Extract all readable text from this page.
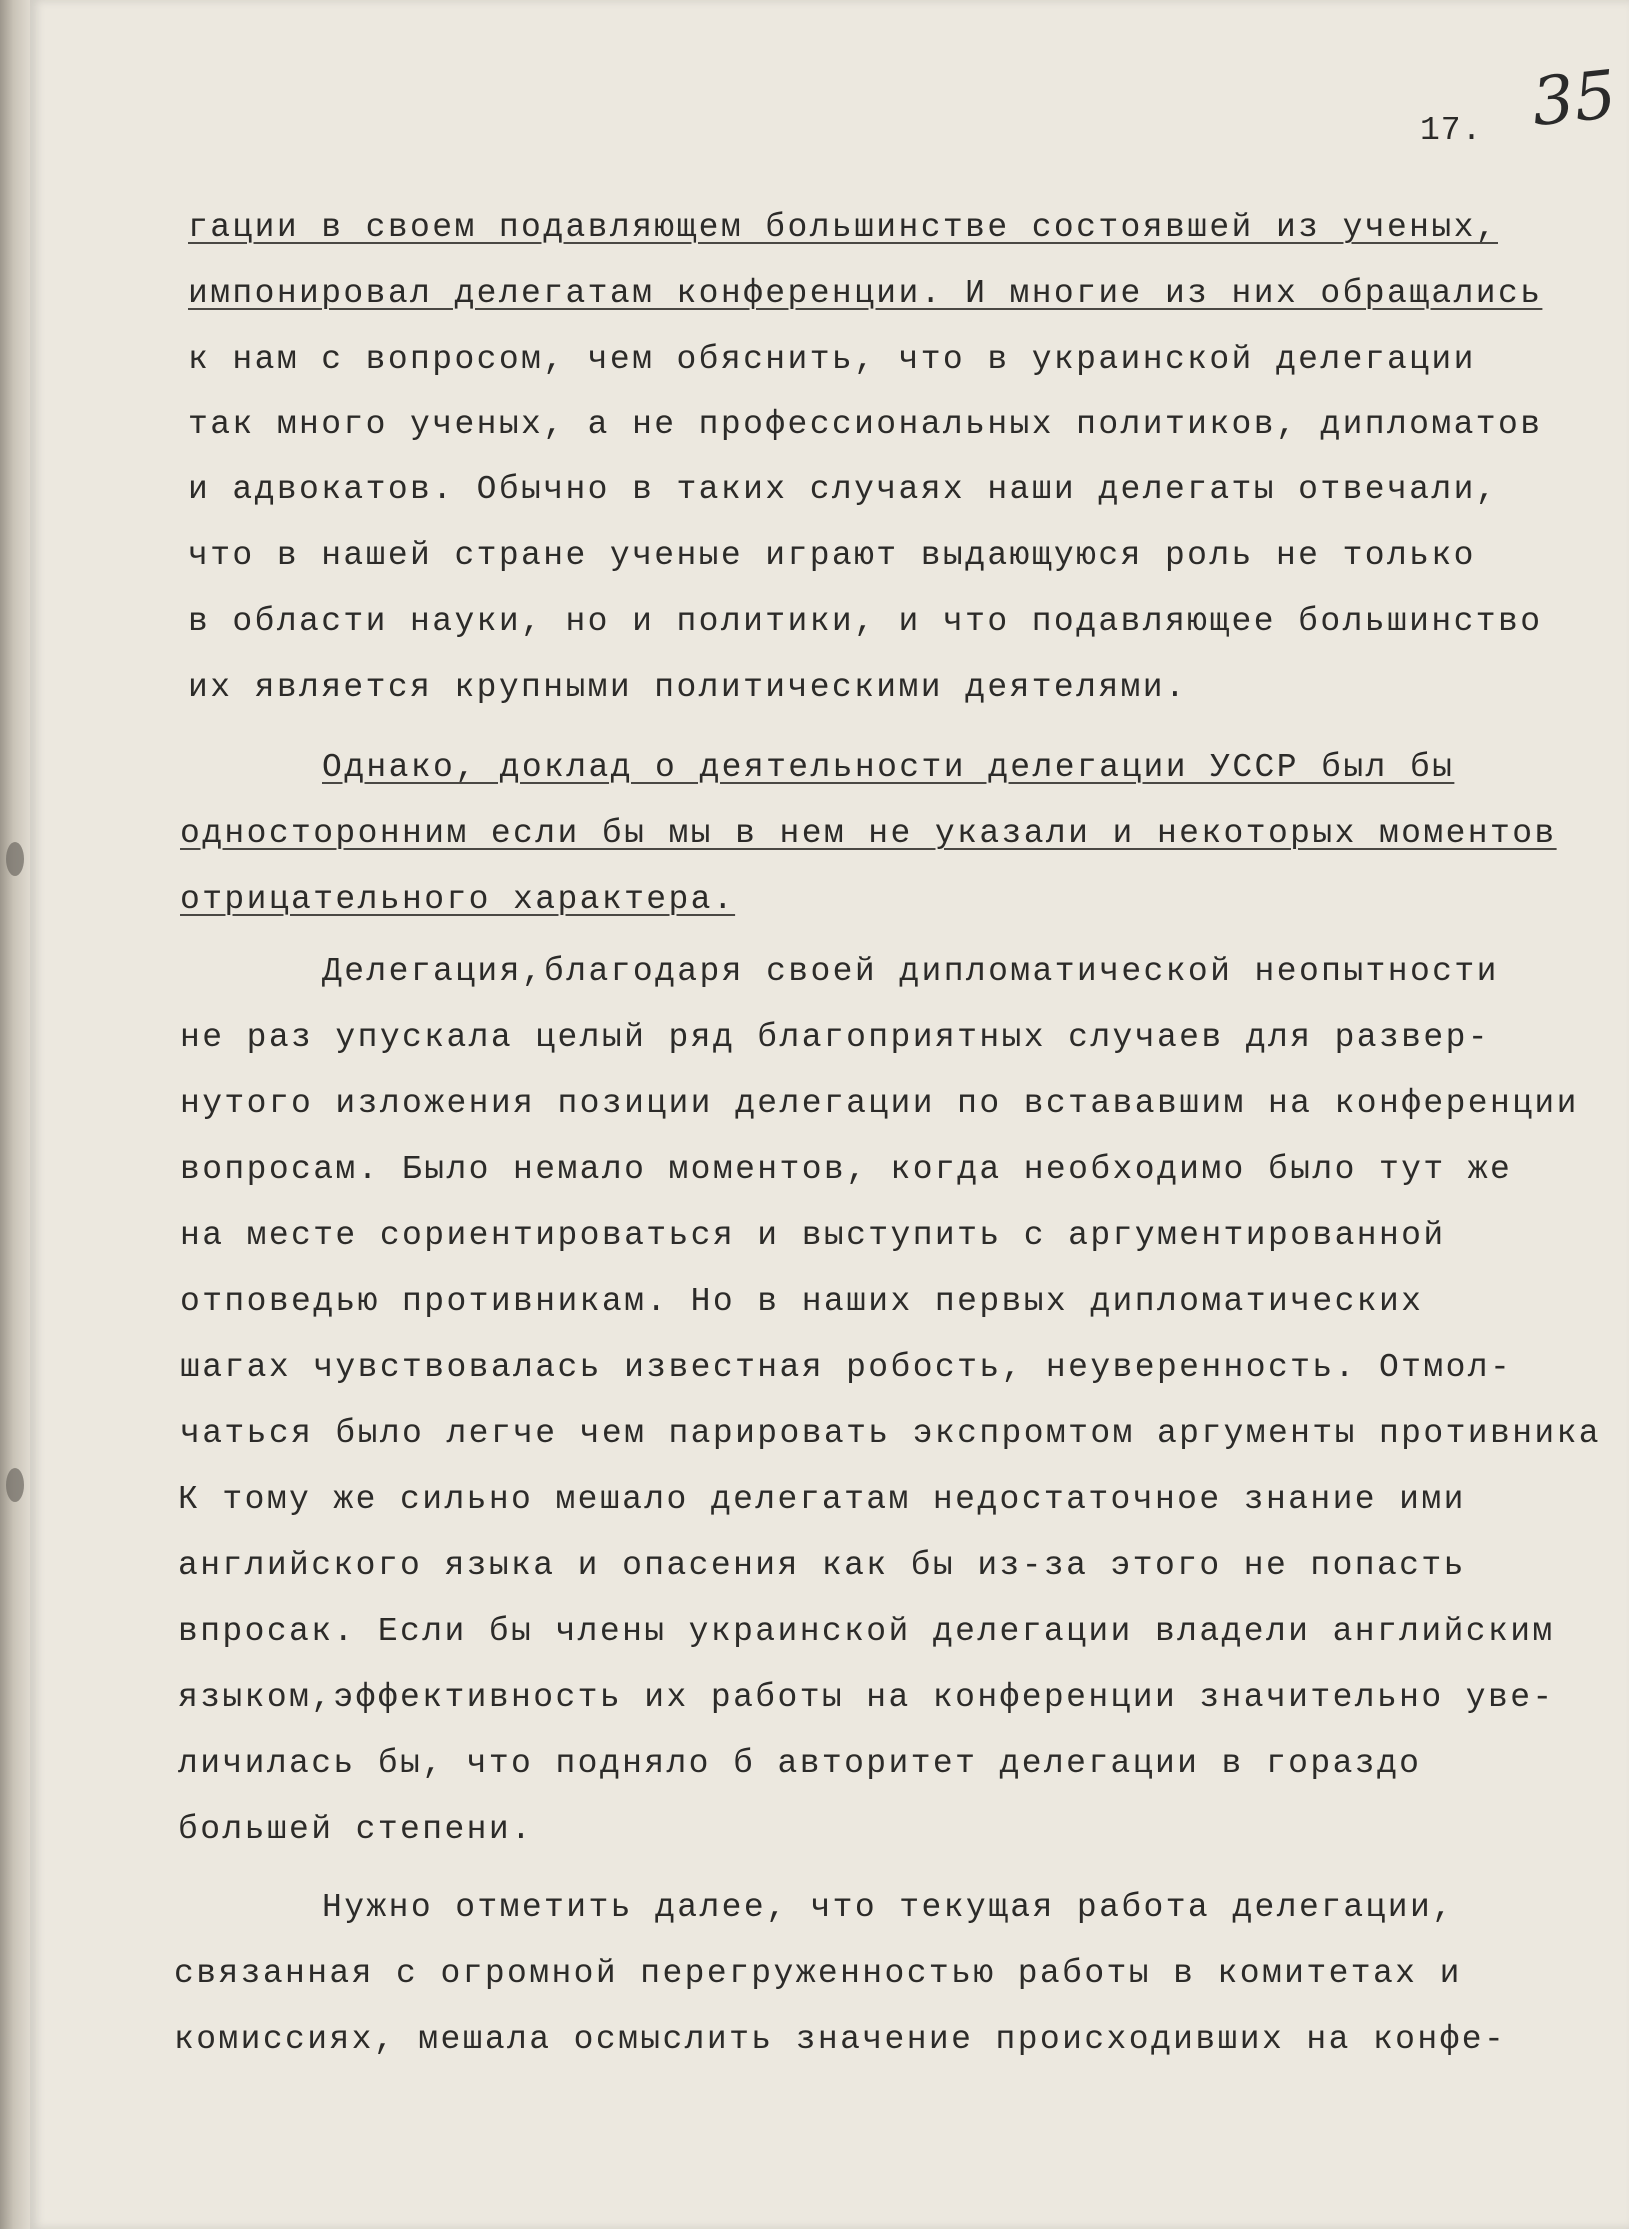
17. 35
гации в своем подавляющем большинстве состоявшей из ученых,
импонировал делегатам конференции. И многие из них обращались
к нам с вопросом, чем обяснить, что в украинской делегации
так много ученых, а не профессиональных политиков, дипломатов
и адвокатов. Обычно в таких случаях наши делегаты отвечали,
что в нашей стране ученые играют выдающуюся роль не только
в области науки, но и политики, и что подавляющее большинство
их является крупными политическими деятелями.
Однако, доклад о деятельности делегации УССР был бы
односторонним если бы мы в нем не указали и некоторых моментов
отрицательного характера.
Делегация,благодаря своей дипломатической неопытности
не раз упускала целый ряд благоприятных случаев для развер-
нутого изложения позиции делегации по встававшим на конференции
вопросам. Было немало моментов, когда необходимо было тут же
на месте сориентироваться и выступить с аргументированной
отповедью противникам. Но в наших первых дипломатических
шагах чувствовалась известная робость, неуверенность. Отмол-
чаться было легче чем парировать экспромтом аргументы противника
К тому же сильно мешало делегатам недостаточное знание ими
английского языка и опасения как бы из-за этого не попасть
впросак. Если бы члены украинской делегации владели английским
языком,эффективность их работы на конференции значительно уве-
личилась бы, что подняло б авторитет делегации в гораздо
большей степени.
Нужно отметить далее, что текущая работа делегации,
связанная с огромной перегруженностью работы в комитетах и
комиссиях, мешала осмыслить значение происходивших на конфе-
